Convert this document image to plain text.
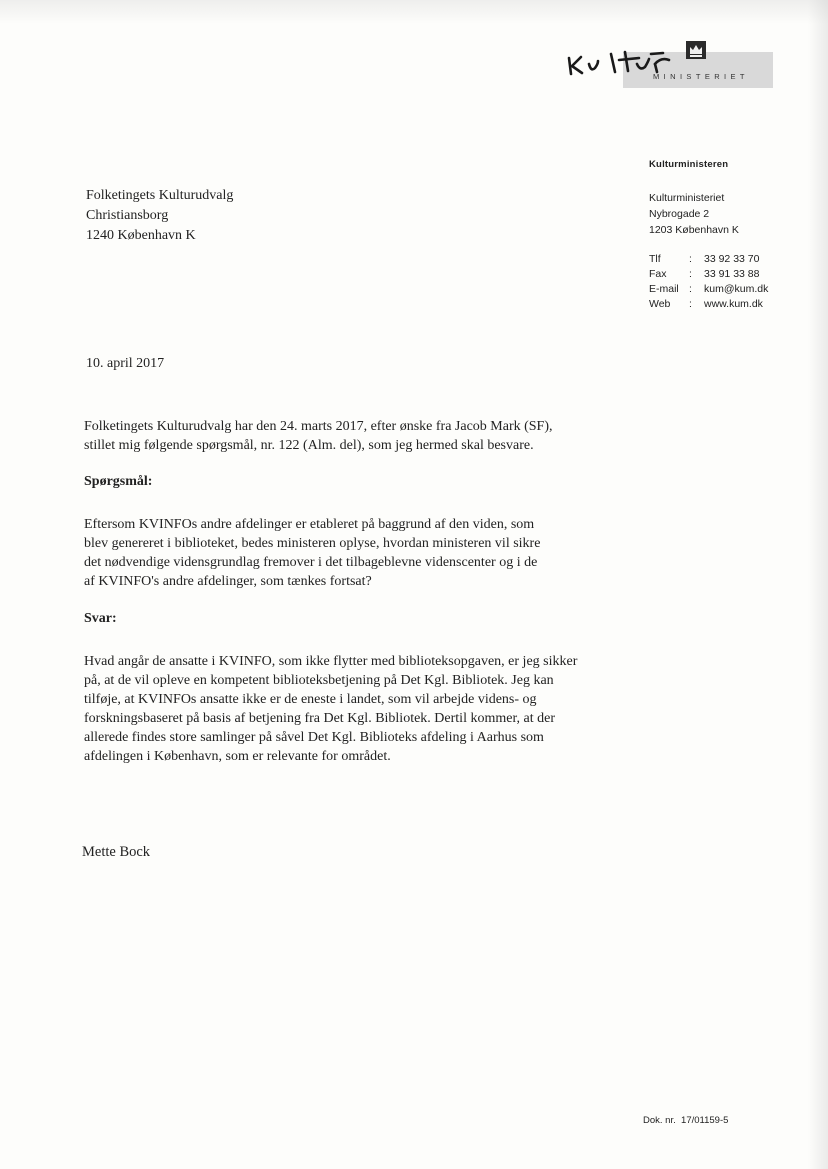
MINISTERIET
Kulturministeren
Kulturministeriet
Nybrogade 2
1203 København K
Tlf	:	33 92 33 70
Fax	:	33 91 33 88
E-mail	:	kum@kum.dk
Web	:	www.kum.dk
Folketingets Kulturudvalg
Christiansborg
1240 København K
10. april 2017
Folketingets Kulturudvalg har den 24. marts 2017, efter ønske fra Jacob Mark (SF),
stillet mig følgende spørgsmål, nr. 122 (Alm. del), som jeg hermed skal besvare.
Spørgsmål:
Eftersom KVINFOs andre afdelinger er etableret på baggrund af den viden, som
blev genereret i biblioteket, bedes ministeren oplyse, hvordan ministeren vil sikre
det nødvendige vidensgrundlag fremover i det tilbageblevne videnscenter og i de
af KVINFO's andre afdelinger, som tænkes fortsat?
Svar:
Hvad angår de ansatte i KVINFO, som ikke flytter med biblioteksopgaven, er jeg sikker
på, at de vil opleve en kompetent biblioteksbetjening på Det Kgl. Bibliotek. Jeg kan
tilføje, at KVINFOs ansatte ikke er de eneste i landet, som vil arbejde videns- og
forskningsbaseret på basis af betjening fra Det Kgl. Bibliotek. Dertil kommer, at der
allerede findes store samlinger på såvel Det Kgl. Biblioteks afdeling i Aarhus som
afdelingen i København, som er relevante for området.
Mette Bock
Dok. nr. 17/01159-5
